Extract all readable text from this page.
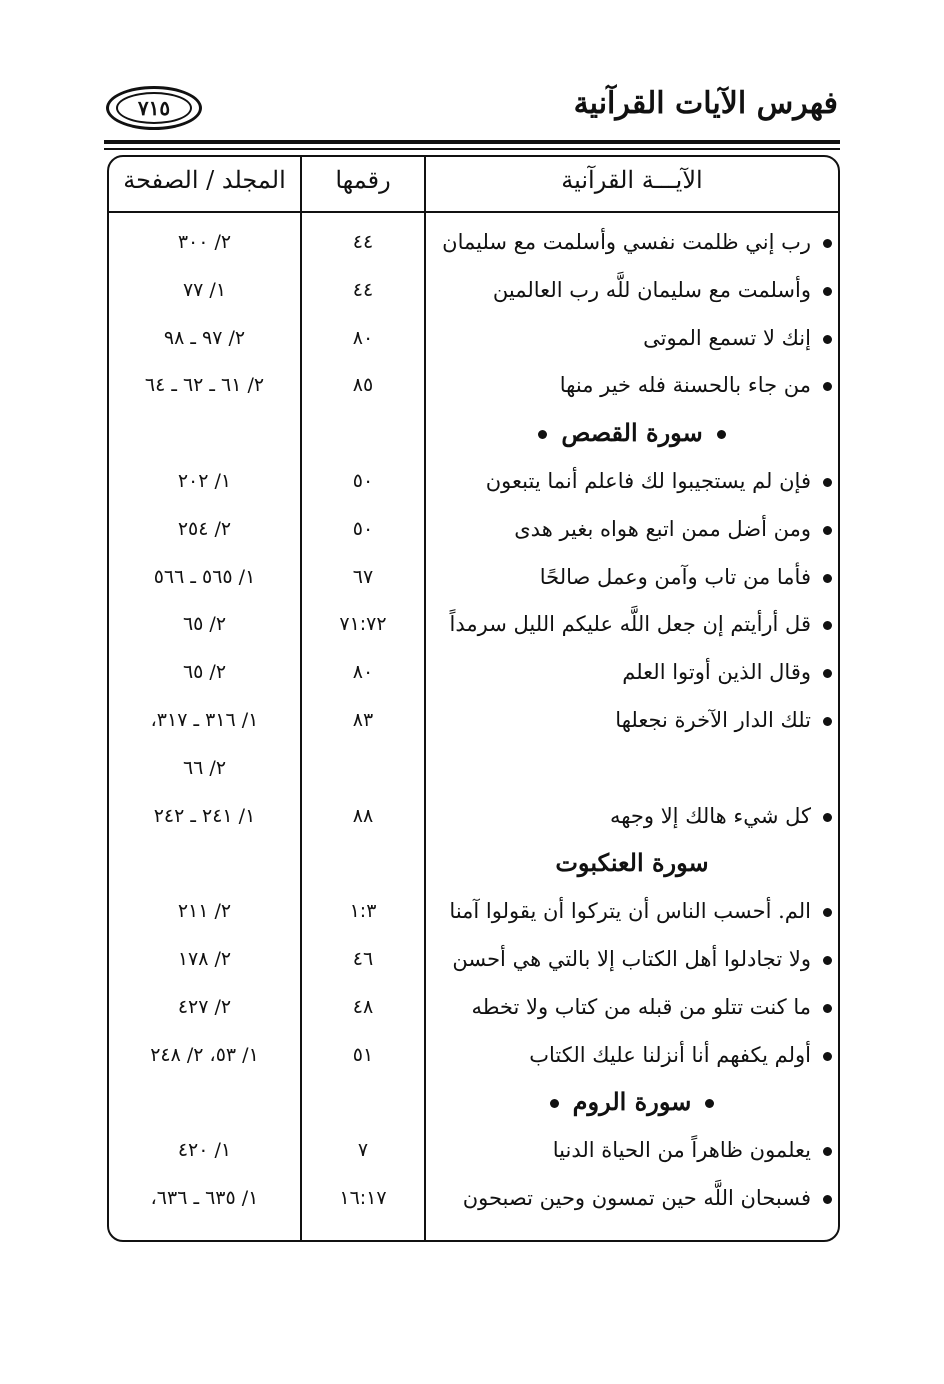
فهرس الآيات القرآنية
٧١٥
الآيـــة القرآنية
رقمها
المجلد / الصفحة
رب إني ظلمت نفسي وأسلمت مع سليمان
٤٤
٢/ ٣٠٠
وأسلمت مع سليمان للَّه رب العالمين
٤٤
١/ ٧٧
إنك لا تسمع الموتى
٨٠
٢/ ٩٧ ـ ٩٨
من جاء بالحسنة فله خير منها
٨٥
٢/ ٦١ ـ ٦٢ ـ ٦٤
سورة القصص
فإن لم يستجيبوا لك فاعلم أنما يتبعون
٥٠
١/ ٢٠٢
ومن أضل ممن اتبع هواه بغير هدى
٥٠
٢/ ٢٥٤
فأما من تاب وآمن وعمل صالحًا
٦٧
١/ ٥٦٥ ـ ٥٦٦
قل أرأيتم إن جعل اللَّه عليكم الليل سرمداً
٧١:٧٢
٢/ ٦٥
وقال الذين أوتوا العلم
٨٠
٢/ ٦٥
تلك الدار الآخرة نجعلها
٨٣
١/ ٣١٦ ـ ٣١٧،
٢/ ٦٦
كل شيء هالك إلا وجهه
٨٨
١/ ٢٤١ ـ ٢٤٢
سورة العنكبوت
الم. أحسب الناس أن يتركوا أن يقولوا آمنا
١:٣
٢/ ٢١١
ولا تجادلوا أهل الكتاب إلا بالتي هي أحسن
٤٦
٢/ ١٧٨
ما كنت تتلو من قبله من كتاب ولا تخطه
٤٨
٢/ ٤٢٧
أولم يكفهم أنا أنزلنا عليك الكتاب
٥١
١/ ٥٣، ٢/ ٢٤٨
سورة الروم
يعلمون ظاهراً من الحياة الدنيا
٧
١/ ٤٢٠
فسبحان اللَّه حين تمسون وحين تصبحون
١٦:١٧
١/ ٦٣٥ ـ ٦٣٦،
